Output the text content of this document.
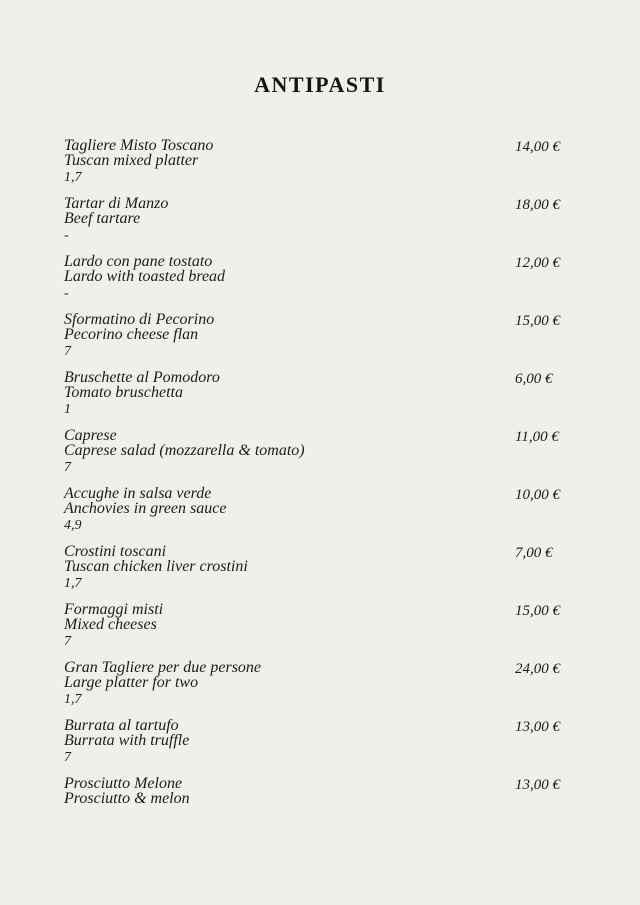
ANTIPASTI
Tagliere Misto Toscano
Tuscan mixed platter
1,7
14,00 €
Tartar di Manzo
Beef tartare
-
18,00 €
Lardo con pane tostato
Lardo with toasted bread
-
12,00 €
Sformatino di Pecorino
Pecorino cheese flan
7
15,00 €
Bruschette al Pomodoro
Tomato bruschetta
1
6,00 €
Caprese
Caprese salad (mozzarella & tomato)
7
11,00 €
Accughe in salsa verde
Anchovies in green sauce
4,9
10,00 €
Crostini toscani
Tuscan chicken liver crostini
1,7
7,00 €
Formaggi misti
Mixed cheeses
7
15,00 €
Gran Tagliere per due persone
Large platter for two
1,7
24,00 €
Burrata al tartufo
Burrata with truffle
7
13,00 €
Prosciutto Melone
Prosciutto & melon
13,00 €
